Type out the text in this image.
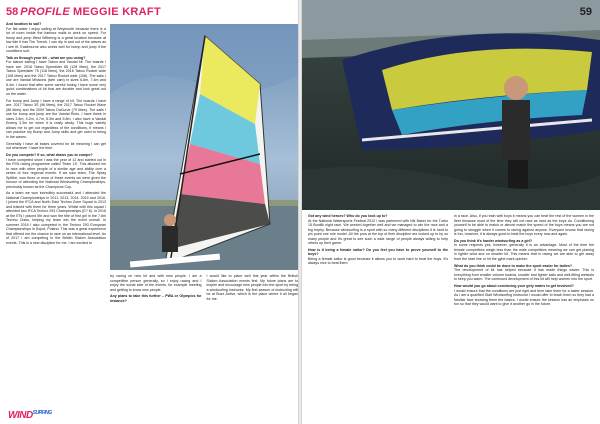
58 PROFILE MEGGIE KRAFT

And location to sail?
For flat water I enjoy sailing at Weymouth because there is a lot of room inside the harbour walls to work on speed. For bump and jump West Wittering is a great location because at low tide it has The Trench. I can dip in and out of the waves as I see fit. Eastbourne also works well for bump and jump if the conditions suit.

Talk us through your kit – what are you using?
For slalom sailing I have Tabou and Vandal kit. The boards I have are: 2016 Tabou Speedster 85 (128 litres), the 2017 Tabou Speedster 75 (118 litres), the 2016 Tabou Rocket wide (108 litres) and the 2017 Tabou Rocket wide (108). The sails I use are Vandal Missions (twin cam) in sizes 6.8m, 7.4m and 8.4m. I found that after some careful tuning I have some very quick combinations of kit that are durable and look great out on the water.

For bump and Jump I have a range of kit. The boards I have are: 2017 Tabou 3S (96 litres), the 2017 Tabou Rocket Wave (86 litres) and the 2009 Tabou DaCurve (79 litres). The sails I use for bump and jump are the Vandal Riots. I have these in sizes 3.6m, 4.2m, 4.7m, 5.3m and 5.8m. I also have a Vandal Enemy 3.3m for when it is really windy. This huge variety allows me to get out regardless of the conditions, it means I can practice my Bump and Jump skills and get used to being in the waves.

Generally I have all bases covered for kit meaning I can get out whenever I have the time.

Do you compete? If so, what draws you to compe?
I have competed since I was the year of 12 and started out in the RYA racing programme called 'Team 15'. This allowed me to race with other people of a similar age and ability over a series of four regional events. If we saw team, The Spray Spitfire, won three or more of these events we were given the honour of attending the National Windsurfing Championships, previously known as the Champions Cup.

As a team we won incredibly successful and I attended the National Championships in 2011, 2013, 2014, 2015 and 2016. I joined the IFCA and North East Techno Zone Squad in 2013 and trained with them for three years. Whilst with this squad I attended two IFCA Techno 293 Championships (E? 6). In 2016 at the ETs I placed 5th and won the title of first girl in the 7.8m Techno Class, helping my team win the event overall. In summer 2016 I also competed in the Techno 293 European Championships in Sopot, Poland. This was a great experience that offered me the chance to race on an international level. As of 2017 I am competing in the British Slalom Association events. This is a new discipline for me. I am excited to

try racing on new kit and with new people. I am a competitive person generally, so I enjoy racing and I enjoy the social side of the events, for example meeting and getting to know new people.

Any plans to take this further – PWA or Olympics for instance?
I would like to place well this year within the British Slalom Association events first. My future plans are to inspire and encourage new people into the sport by being a windsurfing instructor. My first season of instructing will be at Buzz Active, which is the place where it all began for me.

$WIND^{SURFING}$
59

Got any wind heroes? Who do you look up to?
At the National Watersports Festival 2012 I was partnered with Nik Baker for the Turbo 15 Bootlik night race. We worked together well and we managed to win the race and a big trophy. Because windsurfing is a sport with so many different disciplines it is hard to pin point one role model. All the pros at the top of their discipline are looked up to by so many people and it's great to see such a wide range of people always willing to help others up their game.

How is it being a female sailor? Do you feel you have to prove yourself to the boys?
Being a female sailor is good because it allows you to work hard to beat the boys. It's always nice to beat them

in a race. Also, if you train with boys it means you can beat the rest of the women in the fleet because most of the time they will not race as hard as the boys do. Conditioning yourself to be able to match or almost match the speed of the boys means you are not going to struggle when it comes to racing against anyone. Everyone knows that racing is fun, however, it is always good to beat the boys every now and again.

Do you think it's harder windsurfing as a girl?
In some respects yes, however, generally it is an advantage. Most of the time the female competitors weigh less than the male competitors meaning we can get planing in lighter wind and on smaller kit. This means that in racing we are able to get away from the start line or hit the gybe mark quicker.

What do you think could be done to make the sport easier for ladies?
The development of kit has helped because it has made things easier. This is everything from smaller volume boards, smaller and lighter sails and well-fitting wetsuits to keep you warm. The continued development of this kit will help women into the sport.

How would you go about convincing your girly mates to get involved?
I would ensure that the conditions are just right and then take them for a taster session. As I am a qualified Start Windsurfing Instructor I would offer to teach them so they had a familiar face showing them the basics. I would ensure the session has an emphasis on fun so that they would want to give it another go in the future.
